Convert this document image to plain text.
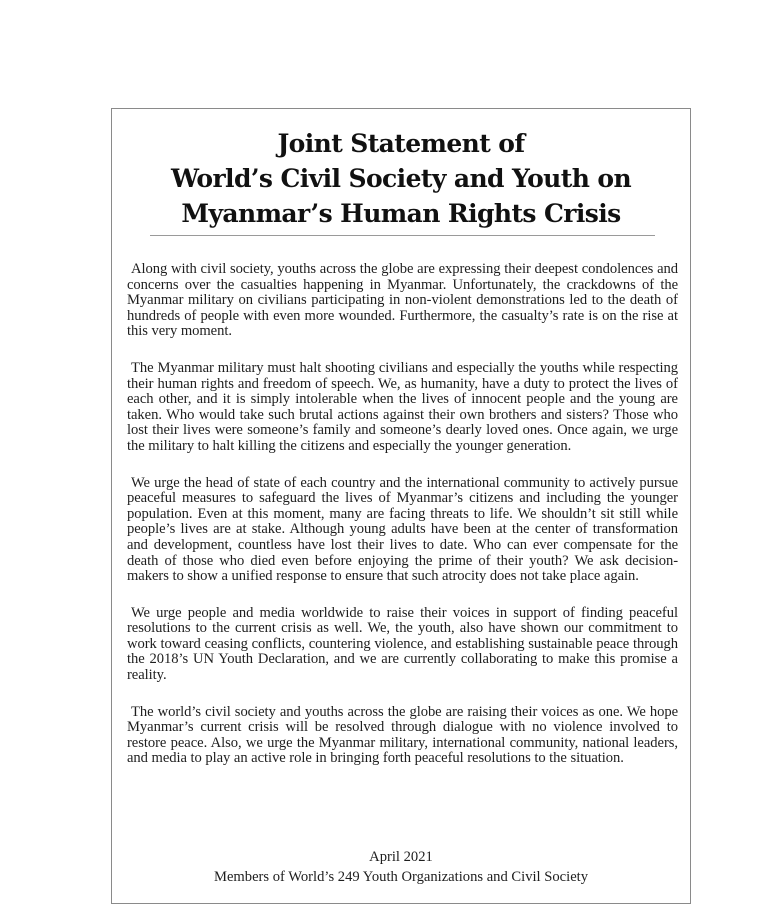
Joint Statement of
World’s Civil Society and Youth on
Myanmar’s Human Rights Crisis

Along with civil society, youths across the globe are expressing their deepest condolences and concerns over the casualties happening in Myanmar. Unfortunately, the crackdowns of the Myanmar military on civilians participating in non-violent demonstrations led to the death of hundreds of people with even more wounded. Furthermore, the casualty’s rate is on the rise at this very moment.

The Myanmar military must halt shooting civilians and especially the youths while respecting their human rights and freedom of speech. We, as humanity, have a duty to protect the lives of each other, and it is simply intolerable when the lives of innocent people and the young are taken. Who would take such brutal actions against their own brothers and sisters? Those who lost their lives were someone’s family and someone’s dearly loved ones. Once again, we urge the military to halt killing the citizens and especially the younger generation.

We urge the head of state of each country and the international community to actively pursue peaceful measures to safeguard the lives of Myanmar’s citizens and including the younger population. Even at this moment, many are facing threats to life. We shouldn’t sit still while people’s lives are at stake. Although young adults have been at the center of transformation and development, countless have lost their lives to date. Who can ever compensate for the death of those who died even before enjoying the prime of their youth? We ask decision-makers to show a unified response to ensure that such atrocity does not take place again.

We urge people and media worldwide to raise their voices in support of finding peaceful resolutions to the current crisis as well. We, the youth, also have shown our commitment to work toward ceasing conflicts, countering violence, and establishing sustainable peace through the 2018’s UN Youth Declaration, and we are currently collaborating to make this promise a reality.

The world’s civil society and youths across the globe are raising their voices as one. We hope Myanmar’s current crisis will be resolved through dialogue with no violence involved to restore peace. Also, we urge the Myanmar military, international community, national leaders, and media to play an active role in bringing forth peaceful resolutions to the situation.

April 2021
Members of World’s 249 Youth Organizations and Civil Society
